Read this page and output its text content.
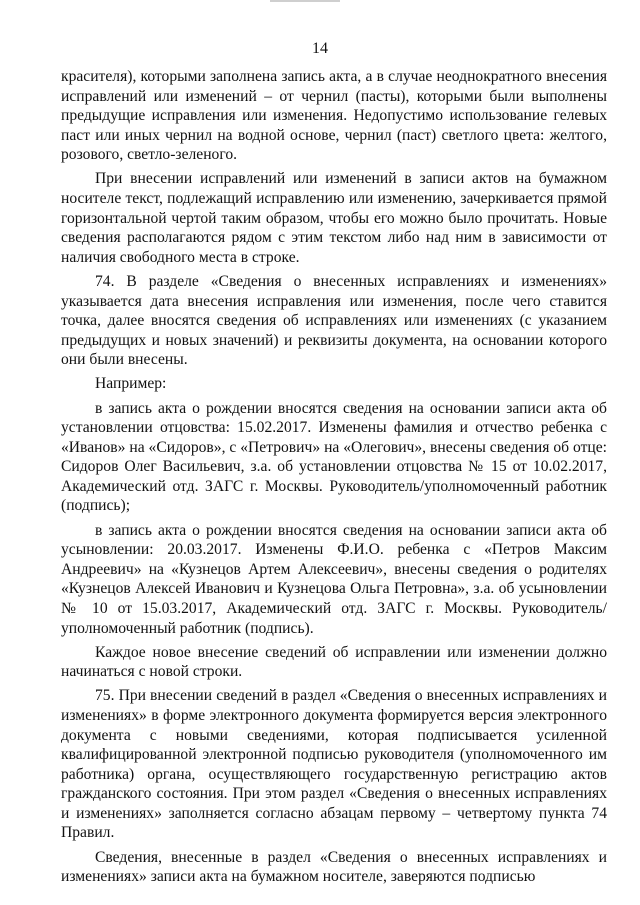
14

красителя), которыми заполнена запись акта, а в случае неоднократного внесения исправлений или изменений – от чернил (пасты), которыми были выполнены предыдущие исправления или изменения. Недопустимо использование гелевых паст или иных чернил на водной основе, чернил (паст) светлого цвета: желтого, розового, светло-зеленого.

При внесении исправлений или изменений в записи актов на бумажном носителе текст, подлежащий исправлению или изменению, зачеркивается прямой горизонтальной чертой таким образом, чтобы его можно было прочитать. Новые сведения располагаются рядом с этим текстом либо над ним в зависимости от наличия свободного места в строке.

74. В разделе «Сведения о внесенных исправлениях и изменениях» указывается дата внесения исправления или изменения, после чего ставится точка, далее вносятся сведения об исправлениях или изменениях (с указанием предыдущих и новых значений) и реквизиты документа, на основании которого они были внесены.

Например:

в запись акта о рождении вносятся сведения на основании записи акта об установлении отцовства: 15.02.2017. Изменены фамилия и отчество ребенка с «Иванов» на «Сидоров», с «Петрович» на «Олегович», внесены сведения об отце: Сидоров Олег Васильевич, з.а. об установлении отцовства № 15 от 10.02.2017, Академический отд. ЗАГС г. Москвы. Руководитель/уполномоченный работник (подпись);

в запись акта о рождении вносятся сведения на основании записи акта об усыновлении: 20.03.2017. Изменены Ф.И.О. ребенка с «Петров Максим Андреевич» на «Кузнецов Артем Алексеевич», внесены сведения о родителях «Кузнецов Алексей Иванович и Кузнецова Ольга Петровна», з.а. об усыновлении № 10 от 15.03.2017, Академический отд. ЗАГС г. Москвы. Руководитель/уполномоченный работник (подпись).

Каждое новое внесение сведений об исправлении или изменении должно начинаться с новой строки.

75. При внесении сведений в раздел «Сведения о внесенных исправлениях и изменениях» в форме электронного документа формируется версия электронного документа с новыми сведениями, которая подписывается усиленной квалифицированной электронной подписью руководителя (уполномоченного им работника) органа, осуществляющего государственную регистрацию актов гражданского состояния. При этом раздел «Сведения о внесенных исправлениях и изменениях» заполняется согласно абзацам первому – четвертому пункта 74 Правил.

Сведения, внесенные в раздел «Сведения о внесенных исправлениях и изменениях» записи акта на бумажном носителе, заверяются подписью
